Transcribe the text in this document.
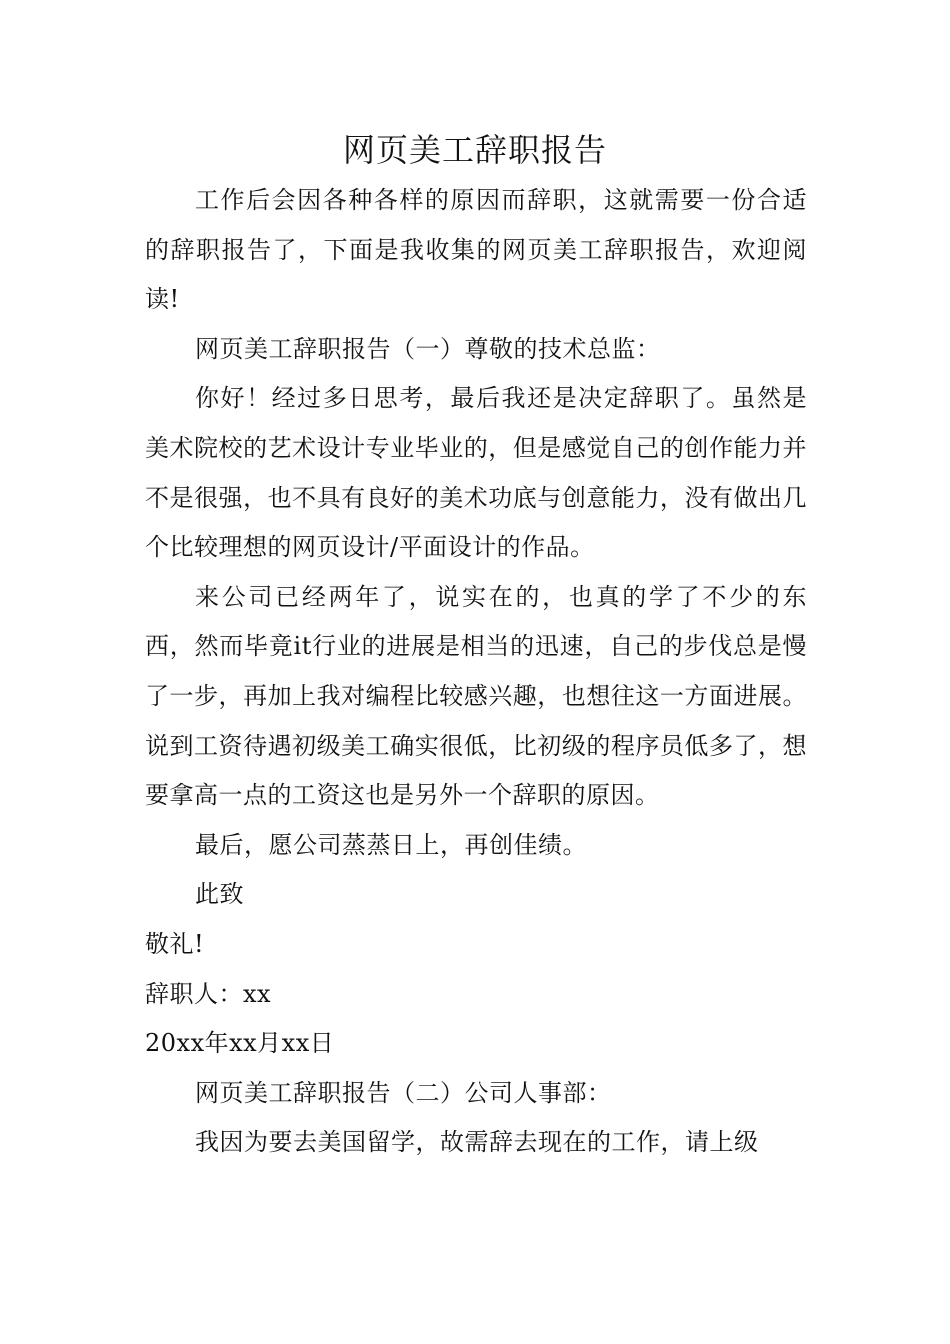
网页美工辞职报告

工作后会因各种各样的原因而辞职，这就需要一份合适的辞职报告了，下面是我收集的网页美工辞职报告，欢迎阅读!

网页美工辞职报告（一）尊敬的技术总监：

你好！经过多日思考，最后我还是决定辞职了。虽然是美术院校的艺术设计专业毕业的，但是感觉自己的创作能力并不是很强，也不具有良好的美术功底与创意能力，没有做出几个比较理想的网页设计/平面设计的作品。

来公司已经两年了，说实在的，也真的学了不少的东西，然而毕竟it行业的进展是相当的迅速，自己的步伐总是慢了一步，再加上我对编程比较感兴趣，也想往这一方面进展。说到工资待遇初级美工确实很低，比初级的程序员低多了，想要拿高一点的工资这也是另外一个辞职的原因。

最后，愿公司蒸蒸日上，再创佳绩。

此致

敬礼!

辞职人：xx

20xx年xx月xx日

网页美工辞职报告（二）公司人事部：

我因为要去美国留学，故需辞去现在的工作，请上级
